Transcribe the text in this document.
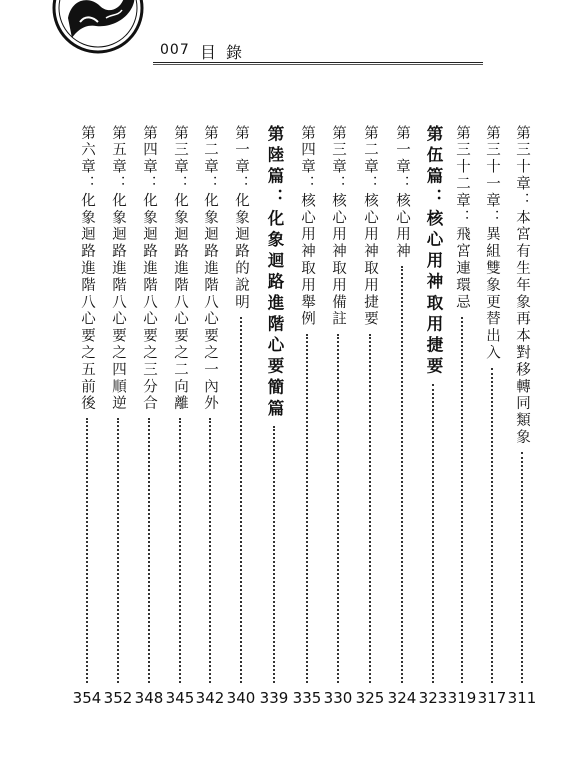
007 目錄
第三十章：本宮有生年象再本對移轉同類象
311
第三十一章：異組雙象更替出入
317
第三十二章：飛宮連環忌
319
第伍篇：核心用神取用捷要
323
第一章：核心用神
324
第二章：核心用神取用捷要
325
第三章：核心用神取用備註
330
第四章：核心用神取用舉例
335
第陸篇：化象迴路進階心要簡篇
339
第一章：化象迴路的說明
340
第二章：化象迴路進階八心要之一內外
342
第三章：化象迴路進階八心要之二向離
345
第四章：化象迴路進階八心要之三分合
348
第五章：化象迴路進階八心要之四順逆
352
第六章：化象迴路進階八心要之五前後
354
